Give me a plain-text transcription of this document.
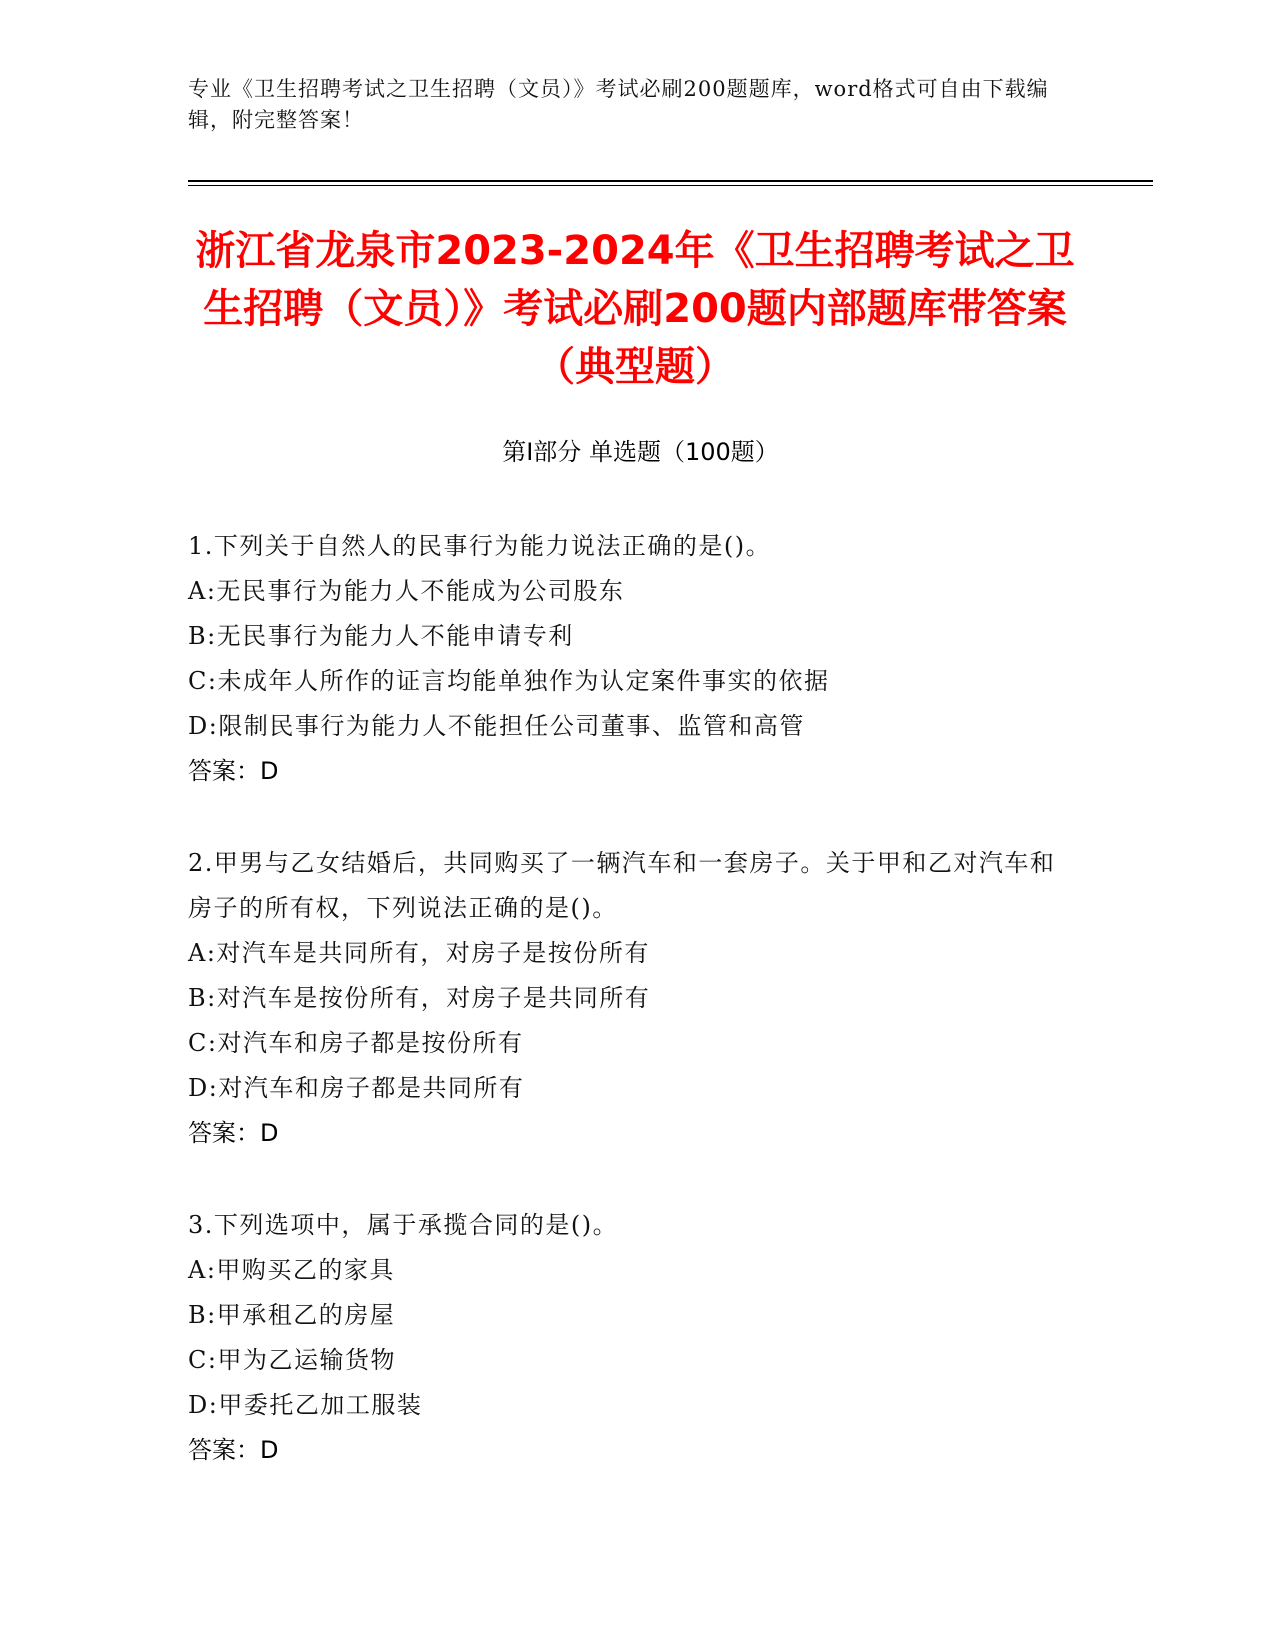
专业《卫生招聘考试之卫生招聘（文员）》考试必刷200题题库，word格式可自由下载编辑，附完整答案！
浙江省龙泉市2023-2024年《卫生招聘考试之卫生招聘（文员）》考试必刷200题内部题库带答案（典型题）
第Ⅰ部分 单选题（100题）
1.下列关于自然人的民事行为能力说法正确的是()。
A:无民事行为能力人不能成为公司股东
B:无民事行为能力人不能申请专利
C:未成年人所作的证言均能单独作为认定案件事实的依据
D:限制民事行为能力人不能担任公司董事、监管和高管
答案：D
2.甲男与乙女结婚后，共同购买了一辆汽车和一套房子。关于甲和乙对汽车和房子的所有权，下列说法正确的是()。
A:对汽车是共同所有，对房子是按份所有
B:对汽车是按份所有，对房子是共同所有
C:对汽车和房子都是按份所有
D:对汽车和房子都是共同所有
答案：D
3.下列选项中，属于承揽合同的是()。
A:甲购买乙的家具
B:甲承租乙的房屋
C:甲为乙运输货物
D:甲委托乙加工服装
答案：D
